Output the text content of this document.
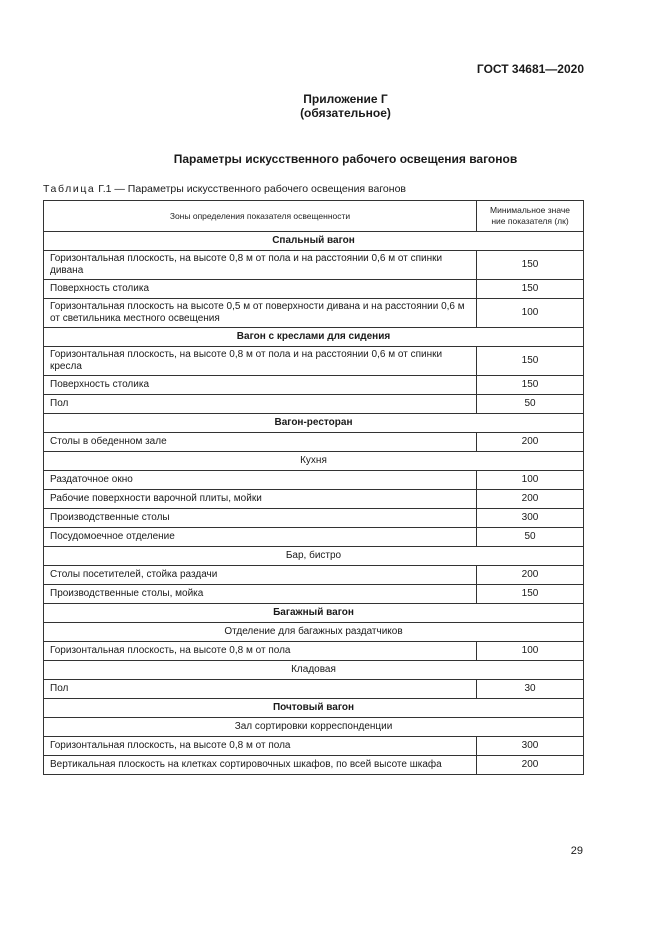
ГОСТ 34681—2020
Приложение Г
(обязательное)
Параметры искусственного рабочего освещения вагонов
Таблица Г.1 — Параметры искусственного рабочего освещения вагонов
Зоны определения показателя освещенности	Минимальное значе
ние показателя (лк)

Спальный вагон	
Горизонтальная плоскость, на высоте 0,8 м от пола и на расстоянии 0,6 м от спинки дивана	150
Поверхность столика	150
Горизонтальная плоскость на высоте 0,5 м от поверхности дивана и на расстоянии 0,6 м от светильника местного освещения	100
Вагон с креслами для сидения	
Горизонтальная плоскость, на высоте 0,8 м от пола и на расстоянии 0,6 м от спинки кресла	150
Поверхность столика	150
Пол	50
Вагон-ресторан	
Столы в обеденном зале	200
Кухня	
Раздаточное окно	100
Рабочие поверхности варочной плиты, мойки	200
Производственные столы	300
Посудомоечное отделение	50
Бар, бистро	
Столы посетителей, стойка раздачи	200
Производственные столы, мойка	150
Багажный вагон	
Отделение для багажных раздатчиков	
Горизонтальная плоскость, на высоте 0,8 м от пола	100
Кладовая	
Пол	30
Почтовый вагон	
Зал сортировки корреспонденции	
Горизонтальная плоскость, на высоте 0,8 м от пола	300
Вертикальная плоскость на клетках сортировочных шкафов, по всей высоте шкафа	200
29
